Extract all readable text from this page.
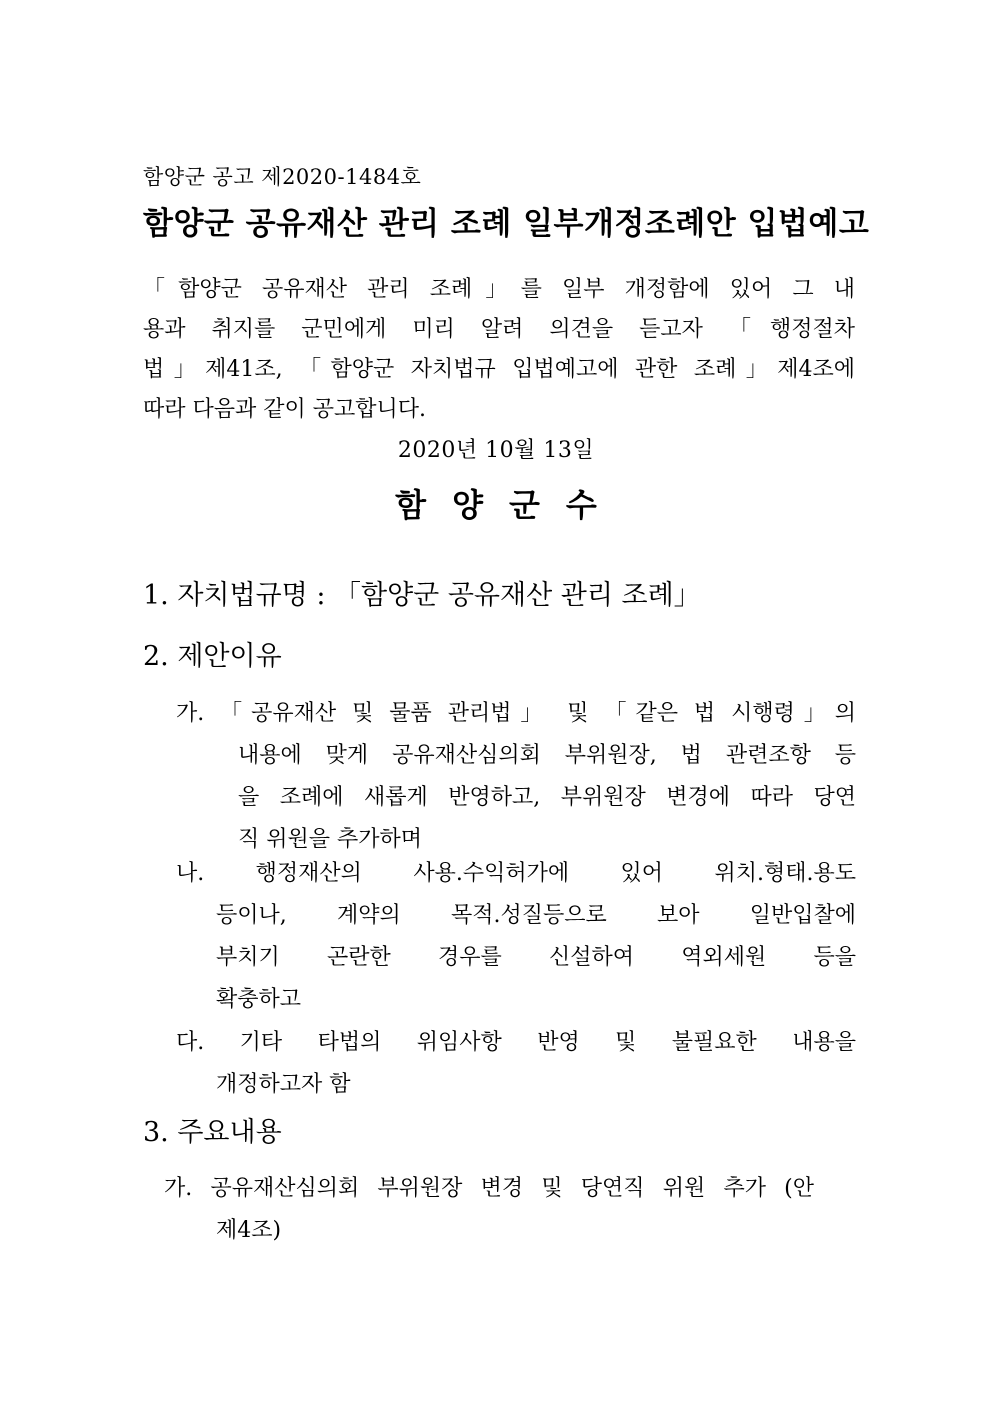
함양군 공고 제2020-1484호
함양군 공유재산 관리 조례 일부개정조례안 입법예고
「함양군 공유재산 관리 조례」를 일부 개정함에 있어 그 내
용과 취지를 군민에게 미리 알려 의견을 듣고자 「행정절차
법」제41조, 「함양군 자치법규 입법예고에 관한 조례」제4조에
따라 다음과 같이 공고합니다.
2020년 10월 13일
함양군수
1. 자치법규명 : 「함양군 공유재산 관리 조례」
2. 제안이유
가. 「공유재산 및 물품 관리법」 및 「같은 법 시행령」의
내용에 맞게 공유재산심의회 부위원장, 법 관련조항 등
을 조례에 새롭게 반영하고, 부위원장 변경에 따라 당연
직 위원을 추가하며
나. 행정재산의 사용.수익허가에 있어 위치.형태.용도
등이나, 계약의 목적.성질등으로 보아 일반입찰에
부치기 곤란한 경우를 신설하여 역외세원 등을
확충하고
다. 기타 타법의 위임사항 반영 및 불필요한 내용을
개정하고자 함
3. 주요내용
가. 공유재산심의회 부위원장 변경 및 당연직 위원 추가 (안
제4조)
